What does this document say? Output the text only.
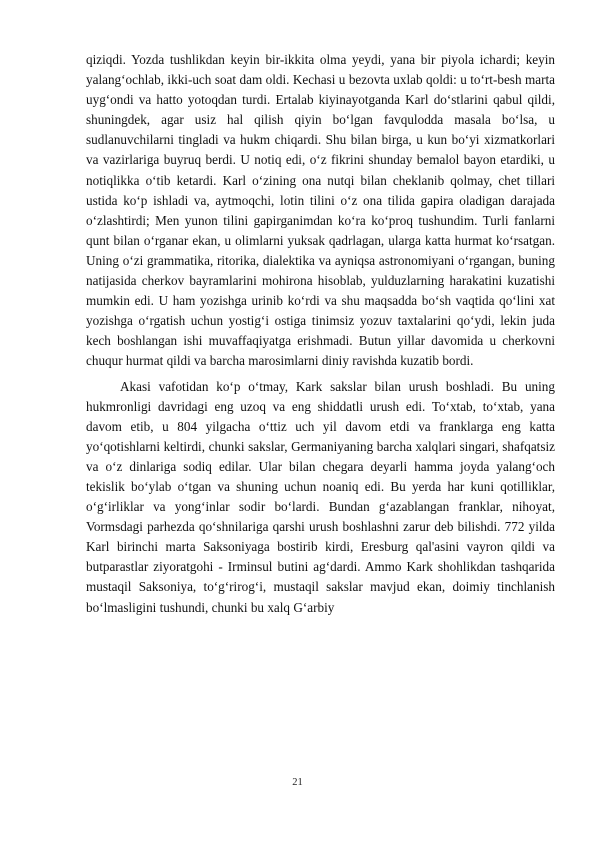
qiziqdi. Yozda tushlikdan keyin bir-ikkita olma yeydi, yana bir piyola ichardi; keyin yalang‘ochlab, ikki-uch soat dam oldi. Kechasi u bezovta uxlab qoldi: u to‘rt-besh marta uyg‘ondi va hatto yotoqdan turdi. Ertalab kiyinayotganda Karl do‘stlarini qabul qildi, shuningdek, agar usiz hal qilish qiyin bo‘lgan favqulodda masala bo‘lsa, u sudlanuvchilarni tingladi va hukm chiqardi. Shu bilan birga, u kun bo‘yi xizmatkorlari va vazirlariga buyruq berdi. U notiq edi, o‘z fikrini shunday bemalol bayon etardiki, u notiqlikka o‘tib ketardi. Karl o‘zining ona nutqi bilan cheklanib qolmay, chet tillari ustida ko‘p ishladi va, aytmoqchi, lotin tilini o‘z ona tilida gapira oladigan darajada o‘zlashtirdi; Men yunon tilini gapirganimdan ko‘ra ko‘proq tushundim. Turli fanlarni qunt bilan o‘rganar ekan, u olimlarni yuksak qadrlagan, ularga katta hurmat ko‘rsatgan. Uning o‘zi grammatika, ritorika, dialektika va ayniqsa astronomiyani o‘rgangan, buning natijasida cherkov bayramlarini mohirona hisoblab, yulduzlarning harakatini kuzatishi mumkin edi. U ham yozishga urinib ko‘rdi va shu maqsadda bo‘sh vaqtida qo‘lini xat yozishga o‘rgatish uchun yostig‘i ostiga tinimsiz yozuv taxtalarini qo‘ydi, lekin juda kech boshlangan ishi muvaffaqiyatga erishmadi. Butun yillar davomida u cherkovni chuqur hurmat qildi va barcha marosimlarni diniy ravishda kuzatib bordi.

Akasi vafotidan ko‘p o‘tmay, Kark sakslar bilan urush boshladi. Bu uning hukmronligi davridagi eng uzoq va eng shiddatli urush edi. To‘xtab, to‘xtab, yana davom etib, u 804 yilgacha o‘ttiz uch yil davom etdi va franklarga eng katta yo‘qotishlarni keltirdi, chunki sakslar, Germaniyaning barcha xalqlari singari, shafqatsiz va o‘z dinlariga sodiq edilar. Ular bilan chegara deyarli hamma joyda yalang‘och tekislik bo‘ylab o‘tgan va shuning uchun noaniq edi. Bu yerda har kuni qotilliklar, o‘g‘irliklar va yong‘inlar sodir bo‘lardi. Bundan g‘azablangan franklar, nihoyat, Vormsdagi parhezda qo‘shnilariga qarshi urush boshlashni zarur deb bilishdi. 772 yilda Karl birinchi marta Saksoniyaga bostirib kirdi, Eresburg qal'asini vayron qildi va butparastlar ziyoratgohi - Irminsul butini ag‘dardi. Ammo Kark shohlikdan tashqarida mustaqil Saksoniya, to‘g‘rirog‘i, mustaqil sakslar mavjud ekan, doimiy tinchlanish bo‘lmasligini tushundi, chunki bu xalq G‘arbiy

21
